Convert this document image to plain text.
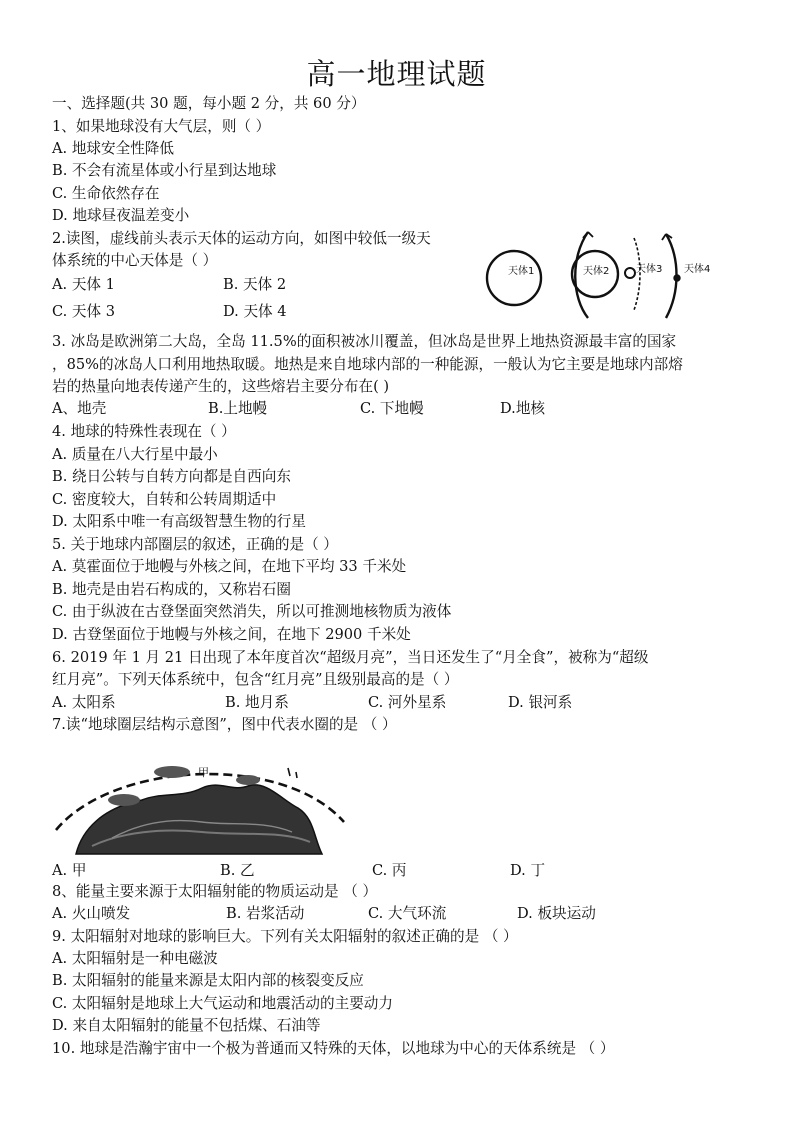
高一地理试题
一、选择题(共 30 题，每小题 2 分，共 60 分）
1、如果地球没有大气层，则（ ）
A. 地球安全性降低
B. 不会有流星体或小行星到达地球
C. 生命依然存在
D. 地球昼夜温差变小
2.读图，虚线前头表示天体的运动方向，如图中较低一级天
体系统的中心天体是（ ）
A. 天体 1	B. 天体 2
C. 天体 3	D. 天体 4
天体1	天体2	天体3 天体4
3. 冰岛是欧洲第二大岛，全岛 11.5%的面积被冰川覆盖，但冰岛是世界上地热资源最丰富的国家
，85%的冰岛人口利用地热取暖。地热是来自地球内部的一种能源，一般认为它主要是地球内部熔
岩的热量向地表传递产生的，这些熔岩主要分布在( )
A、地壳	B.上地幔	C. 下地幔	D.地核
4. 地球的特殊性表现在（ ）
A. 质量在八大行星中最小
B. 绕日公转与自转方向都是自西向东
C. 密度较大，自转和公转周期适中
D. 太阳系中唯一有高级智慧生物的行星
5. 关于地球内部圈层的叙述，正确的是（ ）
A. 莫霍面位于地幔与外核之间，在地下平均 33 千米处
B. 地壳是由岩石构成的，又称岩石圈
C. 由于纵波在古登堡面突然消失，所以可推测地核物质为液体
D. 古登堡面位于地幔与外核之间，在地下 2900 千米处
6. 2019 年 1 月 21 日出现了本年度首次“超级月亮”，当日还发生了“月全食”，被称为“超级
红月亮”。下列天体系统中，包含“红月亮”且级别最高的是（ ）
A. 太阳系	B. 地月系	C. 河外星系	D. 银河系
7.读“地球圈层结构示意图”，图中代表水圈的是 （ ）
甲
A. 甲	B. 乙	C. 丙	D. 丁
8、能量主要来源于太阳辐射能的物质运动是 （ ）
A. 火山喷发	B. 岩浆活动	C. 大气环流	D. 板块运动
9. 太阳辐射对地球的影响巨大。下列有关太阳辐射的叙述正确的是 （ ）
A. 太阳辐射是一种电磁波
B. 太阳辐射的能量来源是太阳内部的核裂变反应
C. 太阳辐射是地球上大气运动和地震活动的主要动力
D. 来自太阳辐射的能量不包括煤、石油等
10. 地球是浩瀚宇宙中一个极为普通而又特殊的天体，以地球为中心的天体系统是 （ ）
